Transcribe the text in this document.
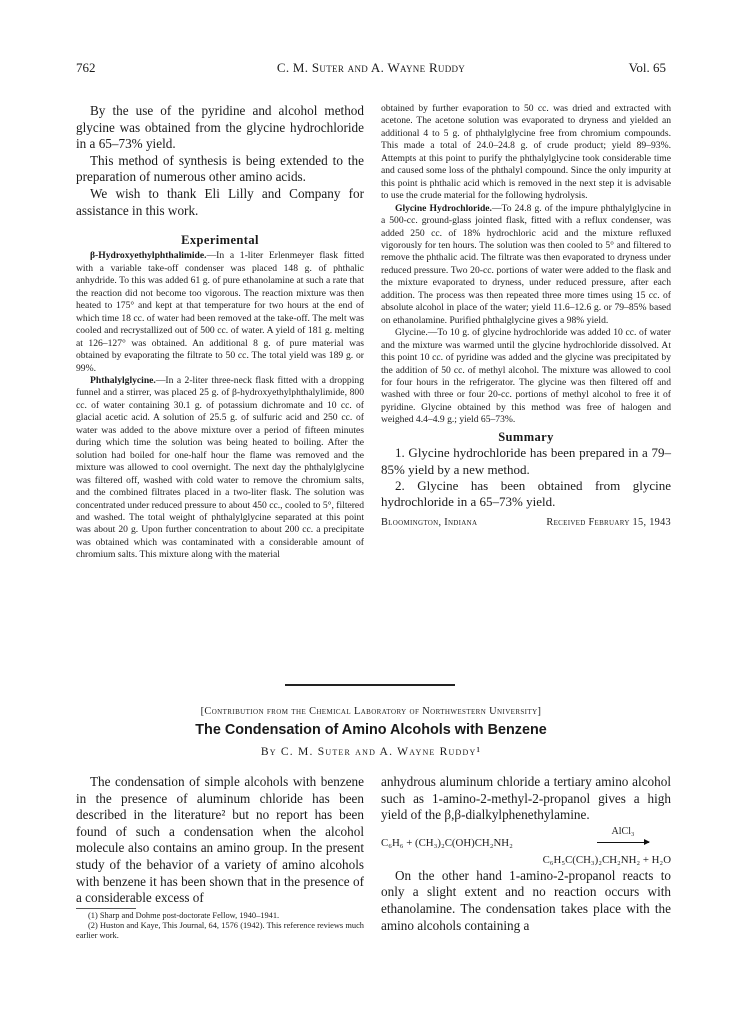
762	C. M. Suter and A. Wayne Ruddy	Vol. 65

By the use of the pyridine and alcohol method glycine was obtained from the glycine hydrochloride in a 65–73% yield.

This method of synthesis is being extended to the preparation of numerous other amino acids.

We wish to thank Eli Lilly and Company for assistance in this work.

Experimental

β-Hydroxyethylphthalimide.—In a 1-liter Erlenmeyer flask fitted with a variable take-off condenser was placed 148 g. of phthalic anhydride. To this was added 61 g. of pure ethanolamine at such a rate that the reaction did not become too vigorous. The reaction mixture was then heated to 175° and kept at that temperature for two hours at the end of which time 18 cc. of water had been removed at the take-off. The melt was cooled and recrystallized out of 500 cc. of water. A yield of 181 g. melting at 126–127° was obtained. An additional 8 g. of pure material was obtained by evaporating the filtrate to 50 cc. The total yield was 189 g. or 99%.

Phthalylglycine.—In a 2-liter three-neck flask fitted with a dropping funnel and a stirrer, was placed 25 g. of β-hydroxyethylphthalylimide, 800 cc. of water containing 30.1 g. of potassium dichromate and 10 cc. of glacial acetic acid. A solution of 25.5 g. of sulfuric acid and 250 cc. of water was added to the above mixture over a period of fifteen minutes during which time the solution was being heated to boiling. After the solution had boiled for one-half hour the flame was removed and the mixture was allowed to cool overnight. The next day the phthalylglycine was filtered off, washed with cold water to remove the chromium salts, and the combined filtrates placed in a two-liter flask. The solution was concentrated under reduced pressure to about 450 cc., cooled to 5°, filtered and washed. The total weight of phthalylglycine separated at this point was about 20 g. Upon further concentration to about 200 cc. a precipitate was obtained which was contaminated with a considerable amount of chromium salts. This mixture along with the material

obtained by further evaporation to 50 cc. was dried and extracted with acetone. The acetone solution was evaporated to dryness and yielded an additional 4 to 5 g. of phthalylglycine free from chromium compounds. This made a total of 24.0–24.8 g. of crude product; yield 89–93%. Attempts at this point to purify the phthalylglycine took considerable time and caused some loss of the phthalyl compound. Since the only impurity at this point is phthalic acid which is removed in the next step it is advisable to use the crude material for the following hydrolysis.

Glycine Hydrochloride.—To 24.8 g. of the impure phthalylglycine in a 500-cc. ground-glass jointed flask, fitted with a reflux condenser, was added 250 cc. of 18% hydrochloric acid and the mixture refluxed vigorously for ten hours. The solution was then cooled to 5° and filtered to remove the phthalic acid. The filtrate was then evaporated to dryness under reduced pressure. Two 20-cc. portions of water were added to the flask and the mixture evaporated to dryness, under reduced pressure, after each addition. The process was then repeated three more times using 15 cc. of absolute alcohol in place of the water; yield 11.6–12.6 g. or 79–85% based on ethanolamine. Purified phthalglycine gives a 98% yield.

Glycine.—To 10 g. of glycine hydrochloride was added 10 cc. of water and the mixture was warmed until the glycine hydrochloride dissolved. At this point 10 cc. of pyridine was added and the glycine was precipitated by the addition of 50 cc. of methyl alcohol. The mixture was allowed to cool for four hours in the refrigerator. The glycine was then filtered off and washed with three or four 20-cc. portions of methyl alcohol to free it of pyridine. Glycine obtained by this method was free of halogen and weighed 4.4–4.9 g.; yield 65–73%.

Summary

1. Glycine hydrochloride has been prepared in a 79–85% yield by a new method.

2. Glycine has been obtained from glycine hydrochloride in a 65–73% yield.

Bloomington, Indiana	Received February 15, 1943
[Contribution from the Chemical Laboratory of Northwestern University]
The Condensation of Amino Alcohols with Benzene
By C. M. Suter and A. Wayne Ruddy¹

The condensation of simple alcohols with benzene in the presence of aluminum chloride has been described in the literature² but no report has been found of such a condensation when the alcohol molecule also contains an amino group. In the present study of the behavior of a variety of amino alcohols with benzene it has been shown that in the presence of a considerable excess of

(1) Sharp and Dohme post-doctorate Fellow, 1940–1941.

(2) Huston and Kaye, This Journal, 64, 1576 (1942). This reference reviews much earlier work.

anhydrous aluminum chloride a tertiary amino alcohol such as 1-amino-2-methyl-2-propanol gives a high yield of the β,β-dialkylphenethylamine.

C₆H₆ + (CH₃)₂C(OH)CH₂NH₂
AlCl₃
C₆H₅C(CH₃)₂CH₂NH₂ + H₂O

On the other hand 1-amino-2-propanol reacts to only a slight extent and no reaction occurs with ethanolamine. The condensation takes place with the amino alcohols containing a
